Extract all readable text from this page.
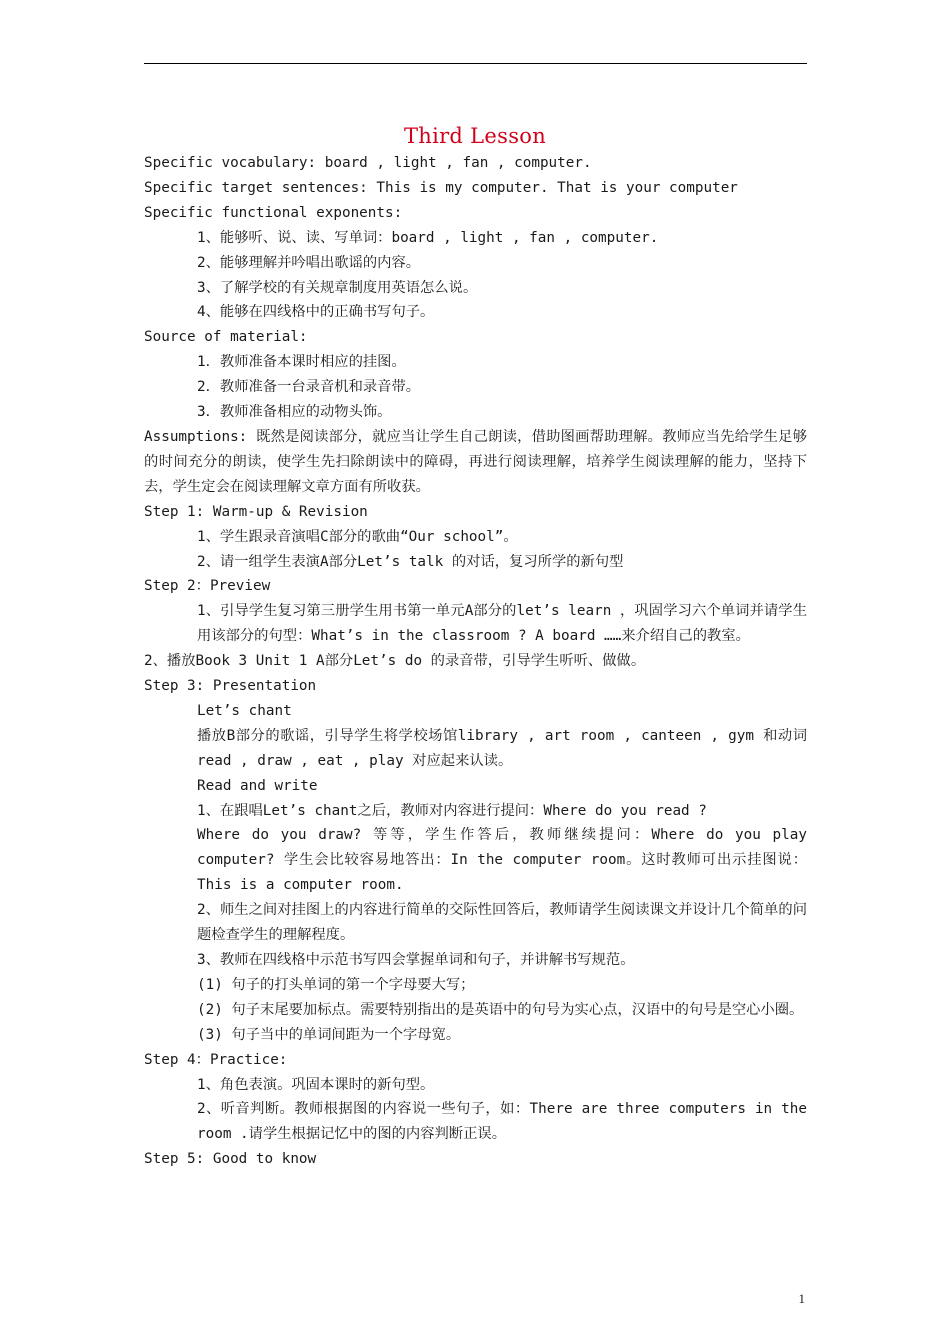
Third Lesson

Specific vocabulary: board , light , fan , computer.

Specific target sentences: This is my computer. That is your computer

Specific functional exponents:

1、能够听、说、读、写单词：board , light , fan , computer.

2、能够理解并吟唱出歌谣的内容。

3、了解学校的有关规章制度用英语怎么说。

4、能够在四线格中的正确书写句子。

Source of material:

1．教师准备本课时相应的挂图。

2．教师准备一台录音机和录音带。

3．教师准备相应的动物头饰。

Assumptions: 既然是阅读部分，就应当让学生自己朗读，借助图画帮助理解。教师应当先给学生足够的时间充分的朗读，使学生先扫除朗读中的障碍，再进行阅读理解，培养学生阅读理解的能力，坚持下去，学生定会在阅读理解文章方面有所收获。

Step 1: Warm-up & Revision

1、学生跟录音演唱C部分的歌曲“Our school”。

2、请一组学生表演A部分Let’s talk 的对话，复习所学的新句型

Step 2：Preview

1、引导学生复习第三册学生用书第一单元A部分的let’s learn ，巩固学习六个单词并请学生用该部分的句型：What’s in the classroom ? A board ……来介绍自己的教室。

2、播放Book 3 Unit 1 A部分Let’s do 的录音带，引导学生听听、做做。

Step 3: Presentation

Let’s chant

播放B部分的歌谣，引导学生将学校场馆library , art room , canteen , gym 和动词read , draw , eat , play 对应起来认读。

Read and write

1、在跟唱Let’s chant之后，教师对内容进行提问：Where do you read ?

Where do you draw? 等等，学生作答后，教师继续提问：Where do you play computer? 学生会比较容易地答出：In the computer room。这时教师可出示挂图说：This is a computer room.

2、师生之间对挂图上的内容进行简单的交际性回答后，教师请学生阅读课文并设计几个简单的问题检查学生的理解程度。

3、教师在四线格中示范书写四会掌握单词和句子，并讲解书写规范。

(1) 句子的打头单词的第一个字母要大写；

(2) 句子末尾要加标点。需要特别指出的是英语中的句号为实心点，汉语中的句号是空心小圈。

(3) 句子当中的单词间距为一个字母宽。

Step 4：Practice:

1、角色表演。巩固本课时的新句型。

2、听音判断。教师根据图的内容说一些句子，如：There are three computers in the room .请学生根据记忆中的图的内容判断正误。

Step 5: Good to know

1
